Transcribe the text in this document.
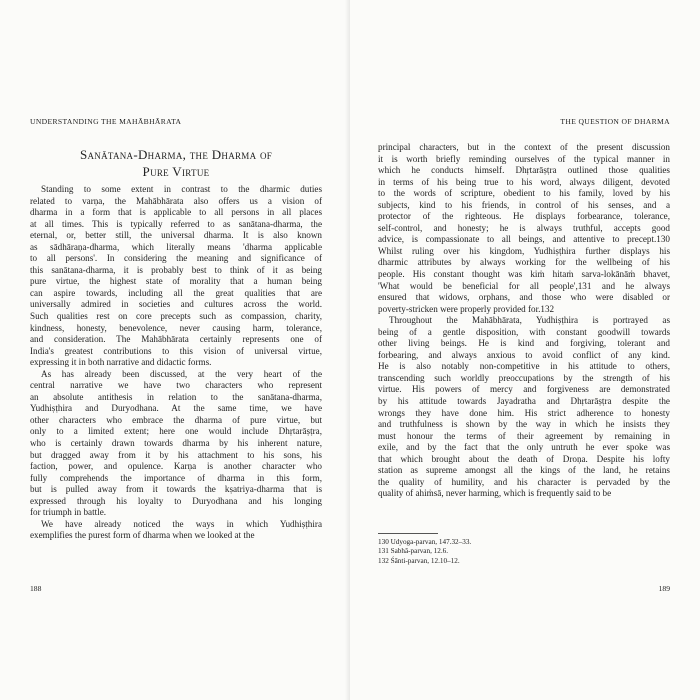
UNDERSTANDING THE MAHĀBHĀRATA
Sanātana-Dharma, the Dharma of
Pure Virtue
Standing to some extent in contrast to the dharmic duties
related to varṇa, the Mahābhārata also offers us a vision of
dharma in a form that is applicable to all persons in all places
at all times. This is typically referred to as sanātana-dharma, the
eternal, or, better still, the universal dharma. It is also known
as sādhāraṇa-dharma, which literally means 'dharma applicable
to all persons'. In considering the meaning and significance of
this sanātana-dharma, it is probably best to think of it as being
pure virtue, the highest state of morality that a human being
can aspire towards, including all the great qualities that are
universally admired in societies and cultures across the world.
Such qualities rest on core precepts such as compassion, charity,
kindness, honesty, benevolence, never causing harm, tolerance,
and consideration. The Mahābhārata certainly represents one of
India's greatest contributions to this vision of universal virtue,
expressing it in both narrative and didactic forms.
As has already been discussed, at the very heart of the
central narrative we have two characters who represent
an absolute antithesis in relation to the sanātana-dharma,
Yudhiṣṭhira and Duryodhana. At the same time, we have
other characters who embrace the dharma of pure virtue, but
only to a limited extent; here one would include Dhṛtarāṣṭra,
who is certainly drawn towards dharma by his inherent nature,
but dragged away from it by his attachment to his sons, his
faction, power, and opulence. Karṇa is another character who
fully comprehends the importance of dharma in this form,
but is pulled away from it towards the kṣatriya-dharma that is
expressed through his loyalty to Duryodhana and his longing
for triumph in battle.
We have already noticed the ways in which Yudhiṣṭhira
exemplifies the purest form of dharma when we looked at the
188
THE QUESTION OF DHARMA
principal characters, but in the context of the present discussion
it is worth briefly reminding ourselves of the typical manner in
which he conducts himself. Dhṛtarāṣṭra outlined those qualities
in terms of his being true to his word, always diligent, devoted
to the words of scripture, obedient to his family, loved by his
subjects, kind to his friends, in control of his senses, and a
protector of the righteous. He displays forbearance, tolerance,
self-control, and honesty; he is always truthful, accepts good
advice, is compassionate to all beings, and attentive to precept.130
Whilst ruling over his kingdom, Yudhiṣṭhira further displays his
dharmic attributes by always working for the wellbeing of his
people. His constant thought was kiṁ hitaṁ sarva-lokānāṁ bhavet,
'What would be beneficial for all people',131 and he always
ensured that widows, orphans, and those who were disabled or
poverty-stricken were properly provided for.132
Throughout the Mahābhārata, Yudhiṣṭhira is portrayed as
being of a gentle disposition, with constant goodwill towards
other living beings. He is kind and forgiving, tolerant and
forbearing, and always anxious to avoid conflict of any kind.
He is also notably non-competitive in his attitude to others,
transcending such worldly preoccupations by the strength of his
virtue. His powers of mercy and forgiveness are demonstrated
by his attitude towards Jayadratha and Dhṛtarāṣṭra despite the
wrongs they have done him. His strict adherence to honesty
and truthfulness is shown by the way in which he insists they
must honour the terms of their agreement by remaining in
exile, and by the fact that the only untruth he ever spoke was
that which brought about the death of Droṇa. Despite his lofty
station as supreme amongst all the kings of the land, he retains
the quality of humility, and his character is pervaded by the
quality of ahiṁsā, never harming, which is frequently said to be
130 Udyoga-parvan, 147.32–33.
131 Sabhā-parvan, 12.6.
132 Śānti-parvan, 12.10–12.
189
